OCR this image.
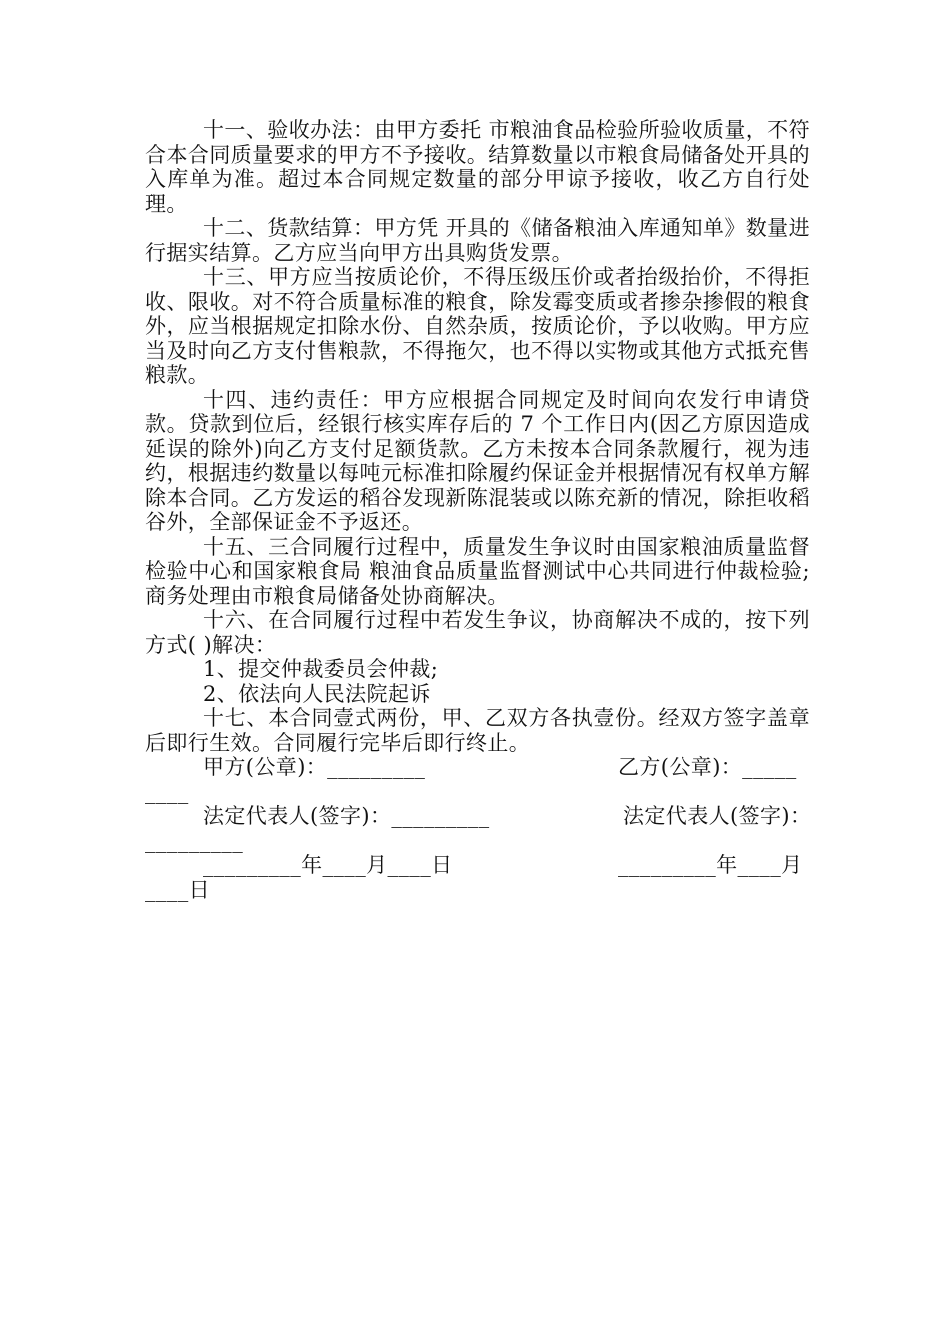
十一、验收办法：由甲方委托 市粮油食品检验所验收质量，不符合本合同质量要求的甲方不予接收。结算数量以市粮食局储备处开具的入库单为准。超过本合同规定数量的部分甲谅予接收，收乙方自行处理。

十二、货款结算：甲方凭 开具的《储备粮油入库通知单》数量进行据实结算。乙方应当向甲方出具购货发票。

十三、甲方应当按质论价，不得压级压价或者抬级抬价，不得拒收、限收。对不符合质量标准的粮食，除发霉变质或者掺杂掺假的粮食外，应当根据规定扣除水份、自然杂质，按质论价，予以收购。甲方应当及时向乙方支付售粮款，不得拖欠，也不得以实物或其他方式抵充售粮款。

十四、违约责任：甲方应根据合同规定及时间向农发行申请贷款。贷款到位后，经银行核实库存后的 7 个工作日内(因乙方原因造成延误的除外)向乙方支付足额货款。乙方未按本合同条款履行，视为违约，根据违约数量以每吨元标准扣除履约保证金并根据情况有权单方解除本合同。乙方发运的稻谷发现新陈混装或以陈充新的情况，除拒收稻谷外，全部保证金不予返还。

十五、三合同履行过程中，质量发生争议时由国家粮油质量监督检验中心和国家粮食局 粮油食品质量监督测试中心共同进行仲裁检验;商务处理由市粮食局储备处协商解决。

十六、在合同履行过程中若发生争议，协商解决不成的，按下列方式( )解决：

1、提交仲裁委员会仲裁;

2、依法向人民法院起诉

十七、本合同壹式两份，甲、乙双方各执壹份。经双方签字盖章后即行生效。合同履行完毕后即行终止。

甲方(公章)：_________	乙方(公章)：_____
____
法定代表人(签字)：_________	法定代表人(签字)：
_________
_________年____月____日	_________年____月
____日
